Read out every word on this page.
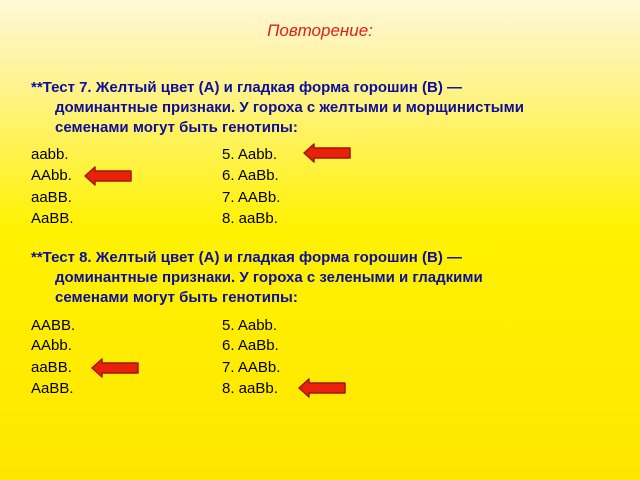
Повторение:
**Тест 7. Желтый цвет (А) и гладкая форма горошин (В) —
доминантные признаки. У гороха с желтыми и морщинистыми
семенами могут быть генотипы:
aabb.
AAbb.
aaBB.
AaBB.
5. Aabb.
6. AaBb.
7. AABb.
8. aaBb.
**Тест 8. Желтый цвет (А) и гладкая форма горошин (В) —
доминантные признаки. У гороха с зелеными и гладкими
семенами могут быть генотипы:
AABB.
AAbb.
aaBB.
AaBB.
5. Aabb.
6. AaBb.
7. AABb.
8. aaBb.
